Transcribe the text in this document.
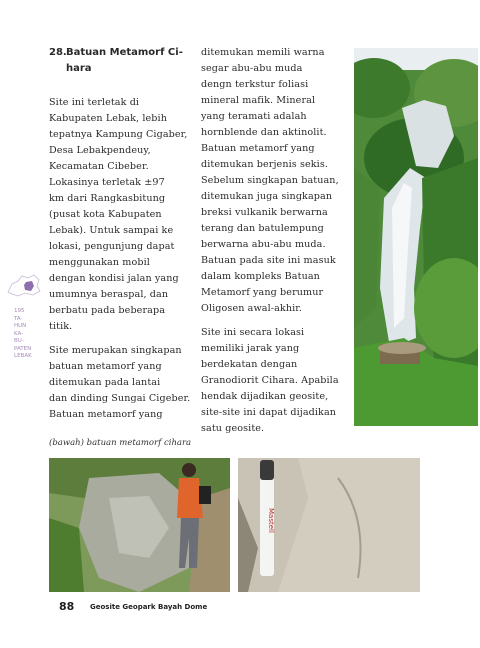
28.Batuan Metamorf Ci-
hara
Site ini terletak di
Kabupaten Lebak, lebih
tepatnya Kampung Cigaber,
Desa Lebakpendeuy,
Kecamatan Cibeber.
Lokasinya terletak ±97
km dari Rangkasbitung
(pusat kota Kabupaten
Lebak). Untuk sampai ke
lokasi, pengunjung dapat
menggunakan mobil
dengan kondisi jalan yang
umumnya beraspal, dan
berbatu pada beberapa
titik.
Site merupakan singkapan
batuan metamorf yang
ditemukan pada lantai
dan dinding Sungai Cigeber.
Batuan metamorf yang
ditemukan memili warna
segar abu-abu muda
dengn terkstur foliasi
mineral mafik. Mineral
yang teramati adalah
hornblende dan aktinolit.
Batuan metamorf yang
ditemukan berjenis sekis.
Sebelum singkapan batuan,
ditemukan juga singkapan
breksi vulkanik berwarna
terang dan batulempung
berwarna abu-abu muda.
Batuan pada site ini masuk
dalam kompleks Batuan
Metamorf yang berumur
Oligosen awal-akhir.
Site ini secara lokasi
memiliki jarak yang
berdekatan dengan
Granodiorit Cihara. Apabila
hendak dijadikan geosite,
site-site ini dapat dijadikan
satu geosite.
195
TA-
HUN
KA-
BU-
PATEN
LEBAK
(bawah) batuan metamorf cihara
Mastell
88 Geosite Geopark Bayah Dome
